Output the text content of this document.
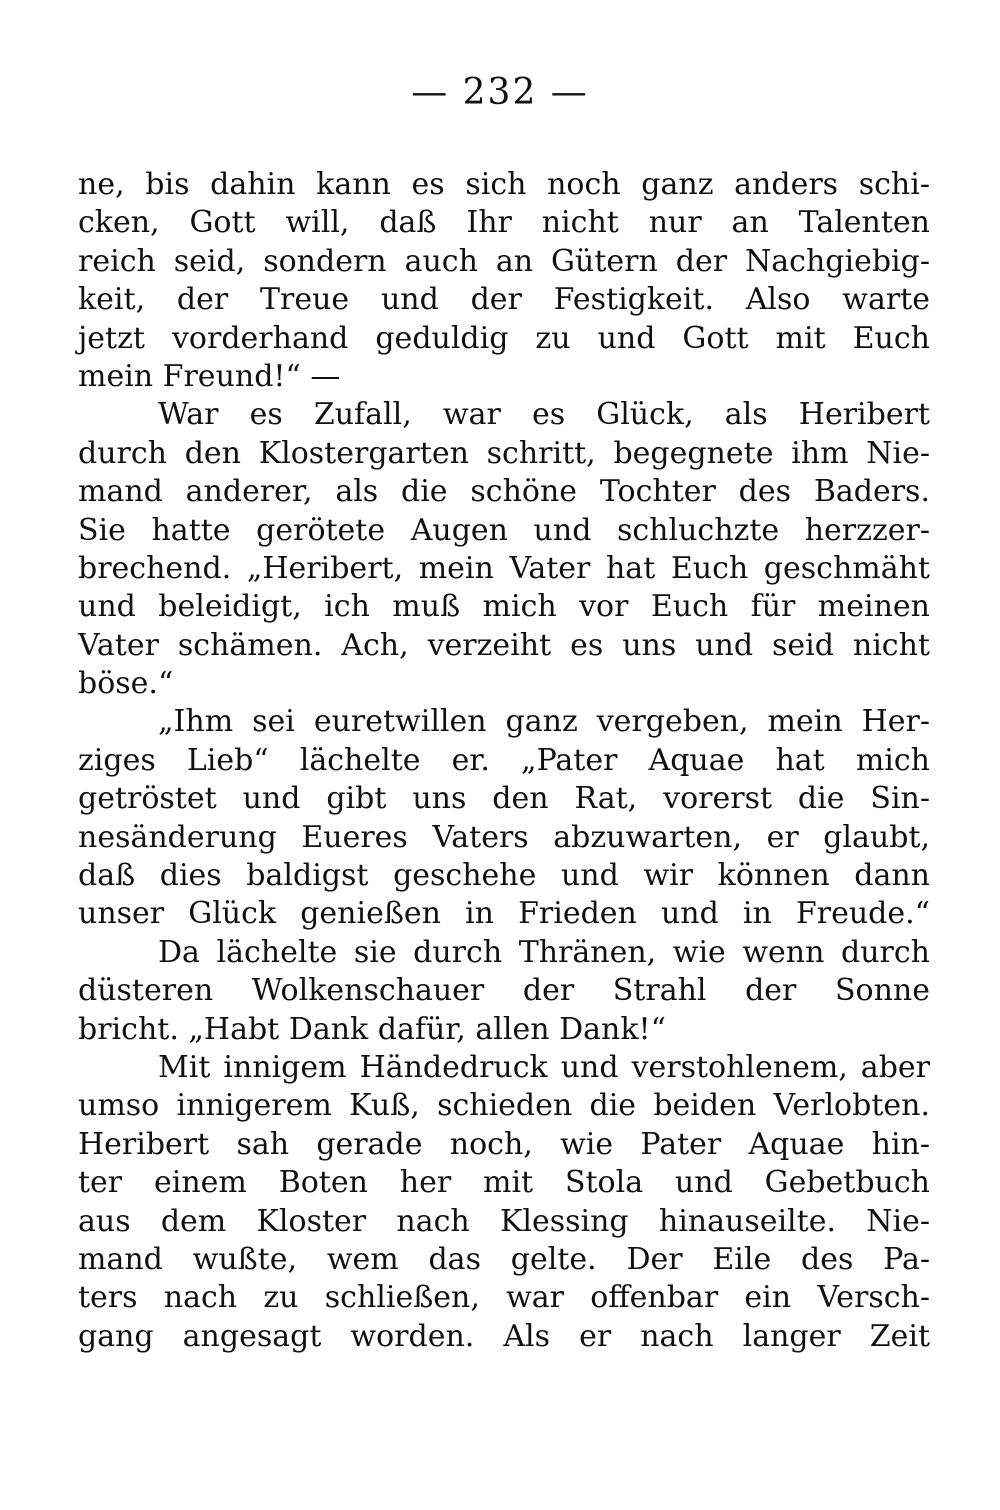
— 232 —
ne, bis dahin kann es sich noch ganz anders schi-
cken, Gott will, daß Ihr nicht nur an Talenten
reich seid, sondern auch an Gütern der Nachgiebig-
keit, der Treue und der Festigkeit. Also warte
jetzt vorderhand geduldig zu und Gott mit Euch
mein Freund!“ —
War es Zufall, war es Glück, als Heribert
durch den Klostergarten schritt, begegnete ihm Nie-
mand anderer, als die schöne Tochter des Baders.
Sie hatte gerötete Augen und schluchzte herzzer-
brechend. „Heribert, mein Vater hat Euch geschmäht
und beleidigt, ich muß mich vor Euch für meinen
Vater schämen. Ach, verzeiht es uns und seid nicht
böse.“
„Ihm sei euretwillen ganz vergeben, mein Her-
ziges Lieb“ lächelte er. „Pater Aquae hat mich
getröstet und gibt uns den Rat, vorerst die Sin-
nesänderung Eueres Vaters abzuwarten, er glaubt,
daß dies baldigst geschehe und wir können dann
unser Glück genießen in Frieden und in Freude.“
Da lächelte sie durch Thränen, wie wenn durch
düsteren Wolkenschauer der Strahl der Sonne
bricht. „Habt Dank dafür, allen Dank!“
Mit innigem Händedruck und verstohlenem, aber
umso innigerem Kuß, schieden die beiden Verlobten.
Heribert sah gerade noch, wie Pater Aquae hin-
ter einem Boten her mit Stola und Gebetbuch
aus dem Kloster nach Klessing hinauseilte. Nie-
mand wußte, wem das gelte. Der Eile des Pa-
ters nach zu schließen, war offenbar ein Versch-
gang angesagt worden. Als er nach langer Zeit
